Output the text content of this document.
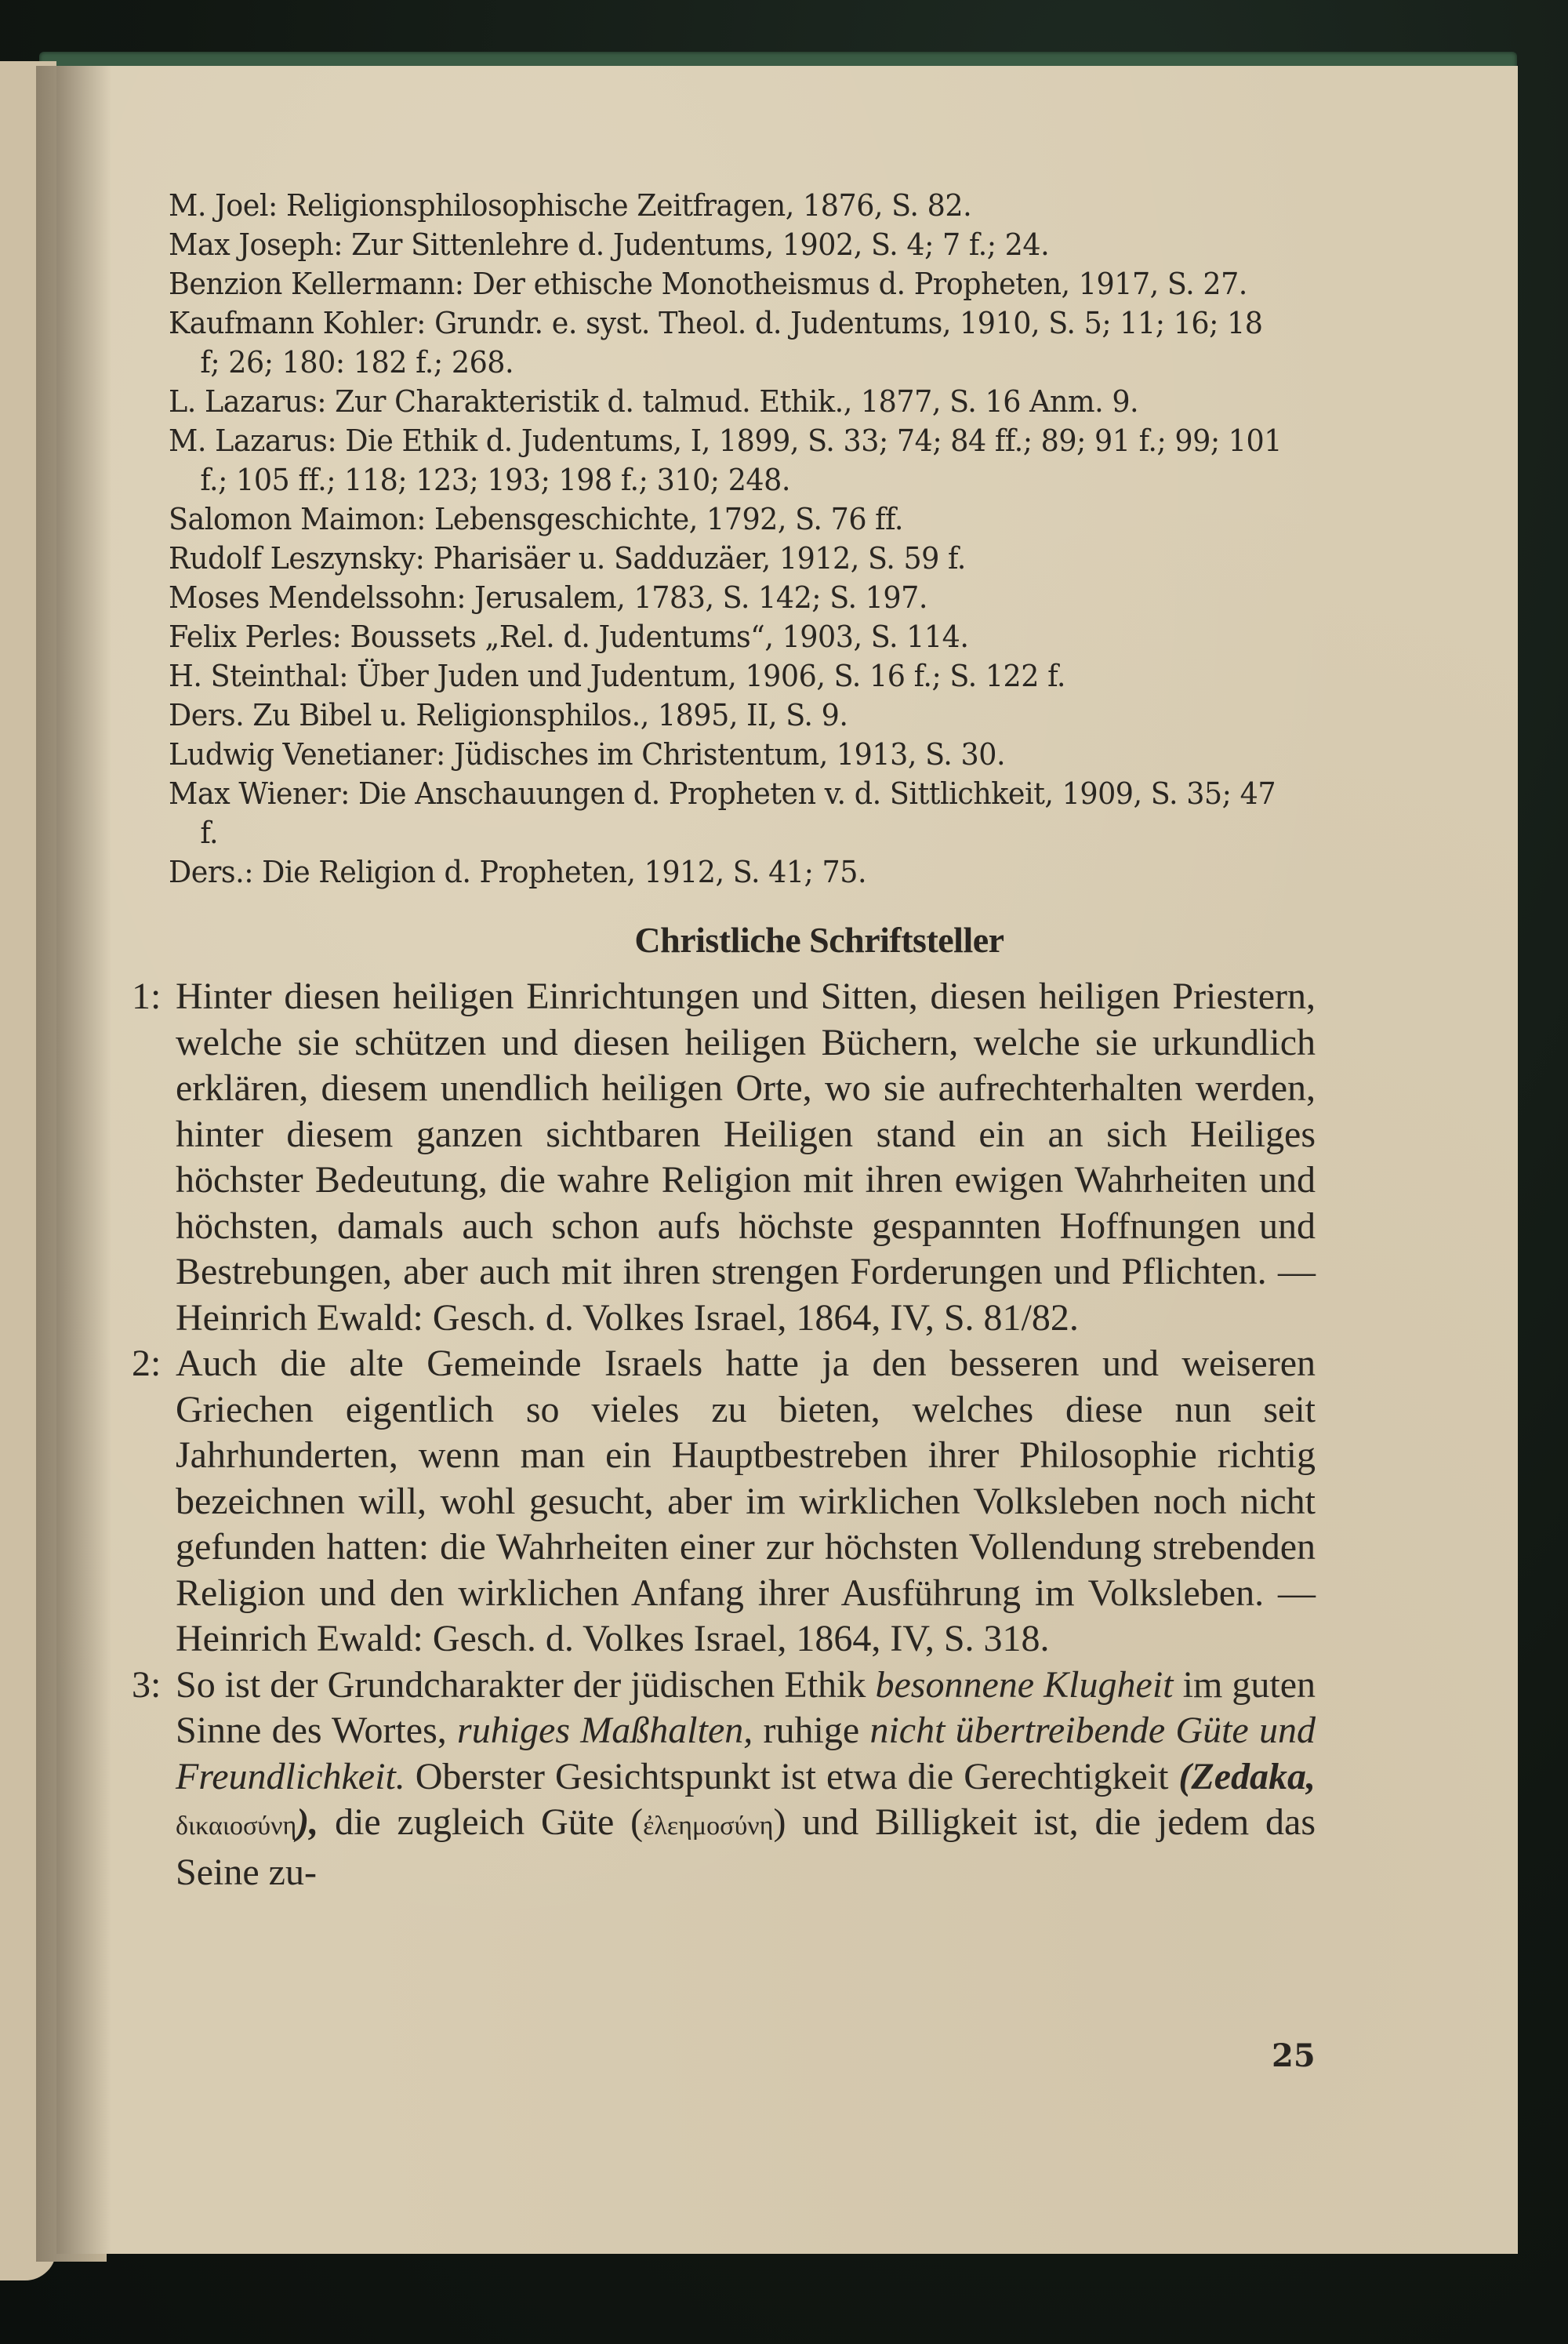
M. Joel: Religionsphilosophische Zeitfragen, 1876, S. 82.

Max Joseph: Zur Sittenlehre d. Judentums, 1902, S. 4; 7 f.; 24.

Benzion Kellermann: Der ethische Monotheismus d. Propheten, 1917, S. 27.

Kaufmann Kohler: Grundr. e. syst. Theol. d. Judentums, 1910, S. 5; 11; 16; 18 f; 26; 180: 182 f.; 268.

L. Lazarus: Zur Charakteristik d. talmud. Ethik., 1877, S. 16 Anm. 9.

M. Lazarus: Die Ethik d. Judentums, I, 1899, S. 33; 74; 84 ff.; 89; 91 f.; 99; 101 f.; 105 ff.; 118; 123; 193; 198 f.; 310; 248.

Salomon Maimon: Lebensgeschichte, 1792, S. 76 ff.

Rudolf Leszynsky: Pharisäer u. Sadduzäer, 1912, S. 59 f.

Moses Mendelssohn: Jerusalem, 1783, S. 142; S. 197.

Felix Perles: Boussets „Rel. d. Judentums“, 1903, S. 114.

H. Steinthal: Über Juden und Judentum, 1906, S. 16 f.; S. 122 f.

Ders. Zu Bibel u. Religionsphilos., 1895, II, S. 9.

Ludwig Venetianer: Jüdisches im Christentum, 1913, S. 30.

Max Wiener: Die Anschauungen d. Propheten v. d. Sittlichkeit, 1909, S. 35; 47 f.

Ders.: Die Religion d. Propheten, 1912, S. 41; 75.

Christliche Schriftsteller

1: Hinter diesen heiligen Einrichtungen und Sitten, diesen heiligen Priestern, welche sie schützen und diesen heiligen Büchern, welche sie urkundlich erklären, diesem unendlich heiligen Orte, wo sie aufrechterhalten werden, hinter diesem ganzen sichtbaren Heiligen stand ein an sich Heiliges höchster Bedeutung, die wahre Religion mit ihren ewigen Wahrheiten und höchsten, damals auch schon aufs höchste gespannten Hoffnungen und Bestrebungen, aber auch mit ihren strengen Forderungen und Pflichten. — Heinrich Ewald: Gesch. d. Volkes Israel, 1864, IV, S. 81/82.

2: Auch die alte Gemeinde Israels hatte ja den besseren und weiseren Griechen eigentlich so vieles zu bieten, welches diese nun seit Jahrhunderten, wenn man ein Hauptbestreben ihrer Philosophie richtig bezeichnen will, wohl gesucht, aber im wirklichen Volksleben noch nicht gefunden hatten: die Wahrheiten einer zur höchsten Vollendung strebenden Religion und den wirklichen Anfang ihrer Ausführung im Volksleben. — Heinrich Ewald: Gesch. d. Volkes Israel, 1864, IV, S. 318.

3: So ist der Grundcharakter der jüdischen Ethik besonnene Klugheit im guten Sinne des Wortes, ruhiges Maßhalten, ruhige nicht übertreibende Güte und Freundlichkeit. Oberster Gesichtspunkt ist etwa die Gerechtigkeit (Zedaka, δικαιοσύνη), die zugleich Güte (ἐλεημοσύνη) und Billigkeit ist, die jedem das Seine zu-

25
